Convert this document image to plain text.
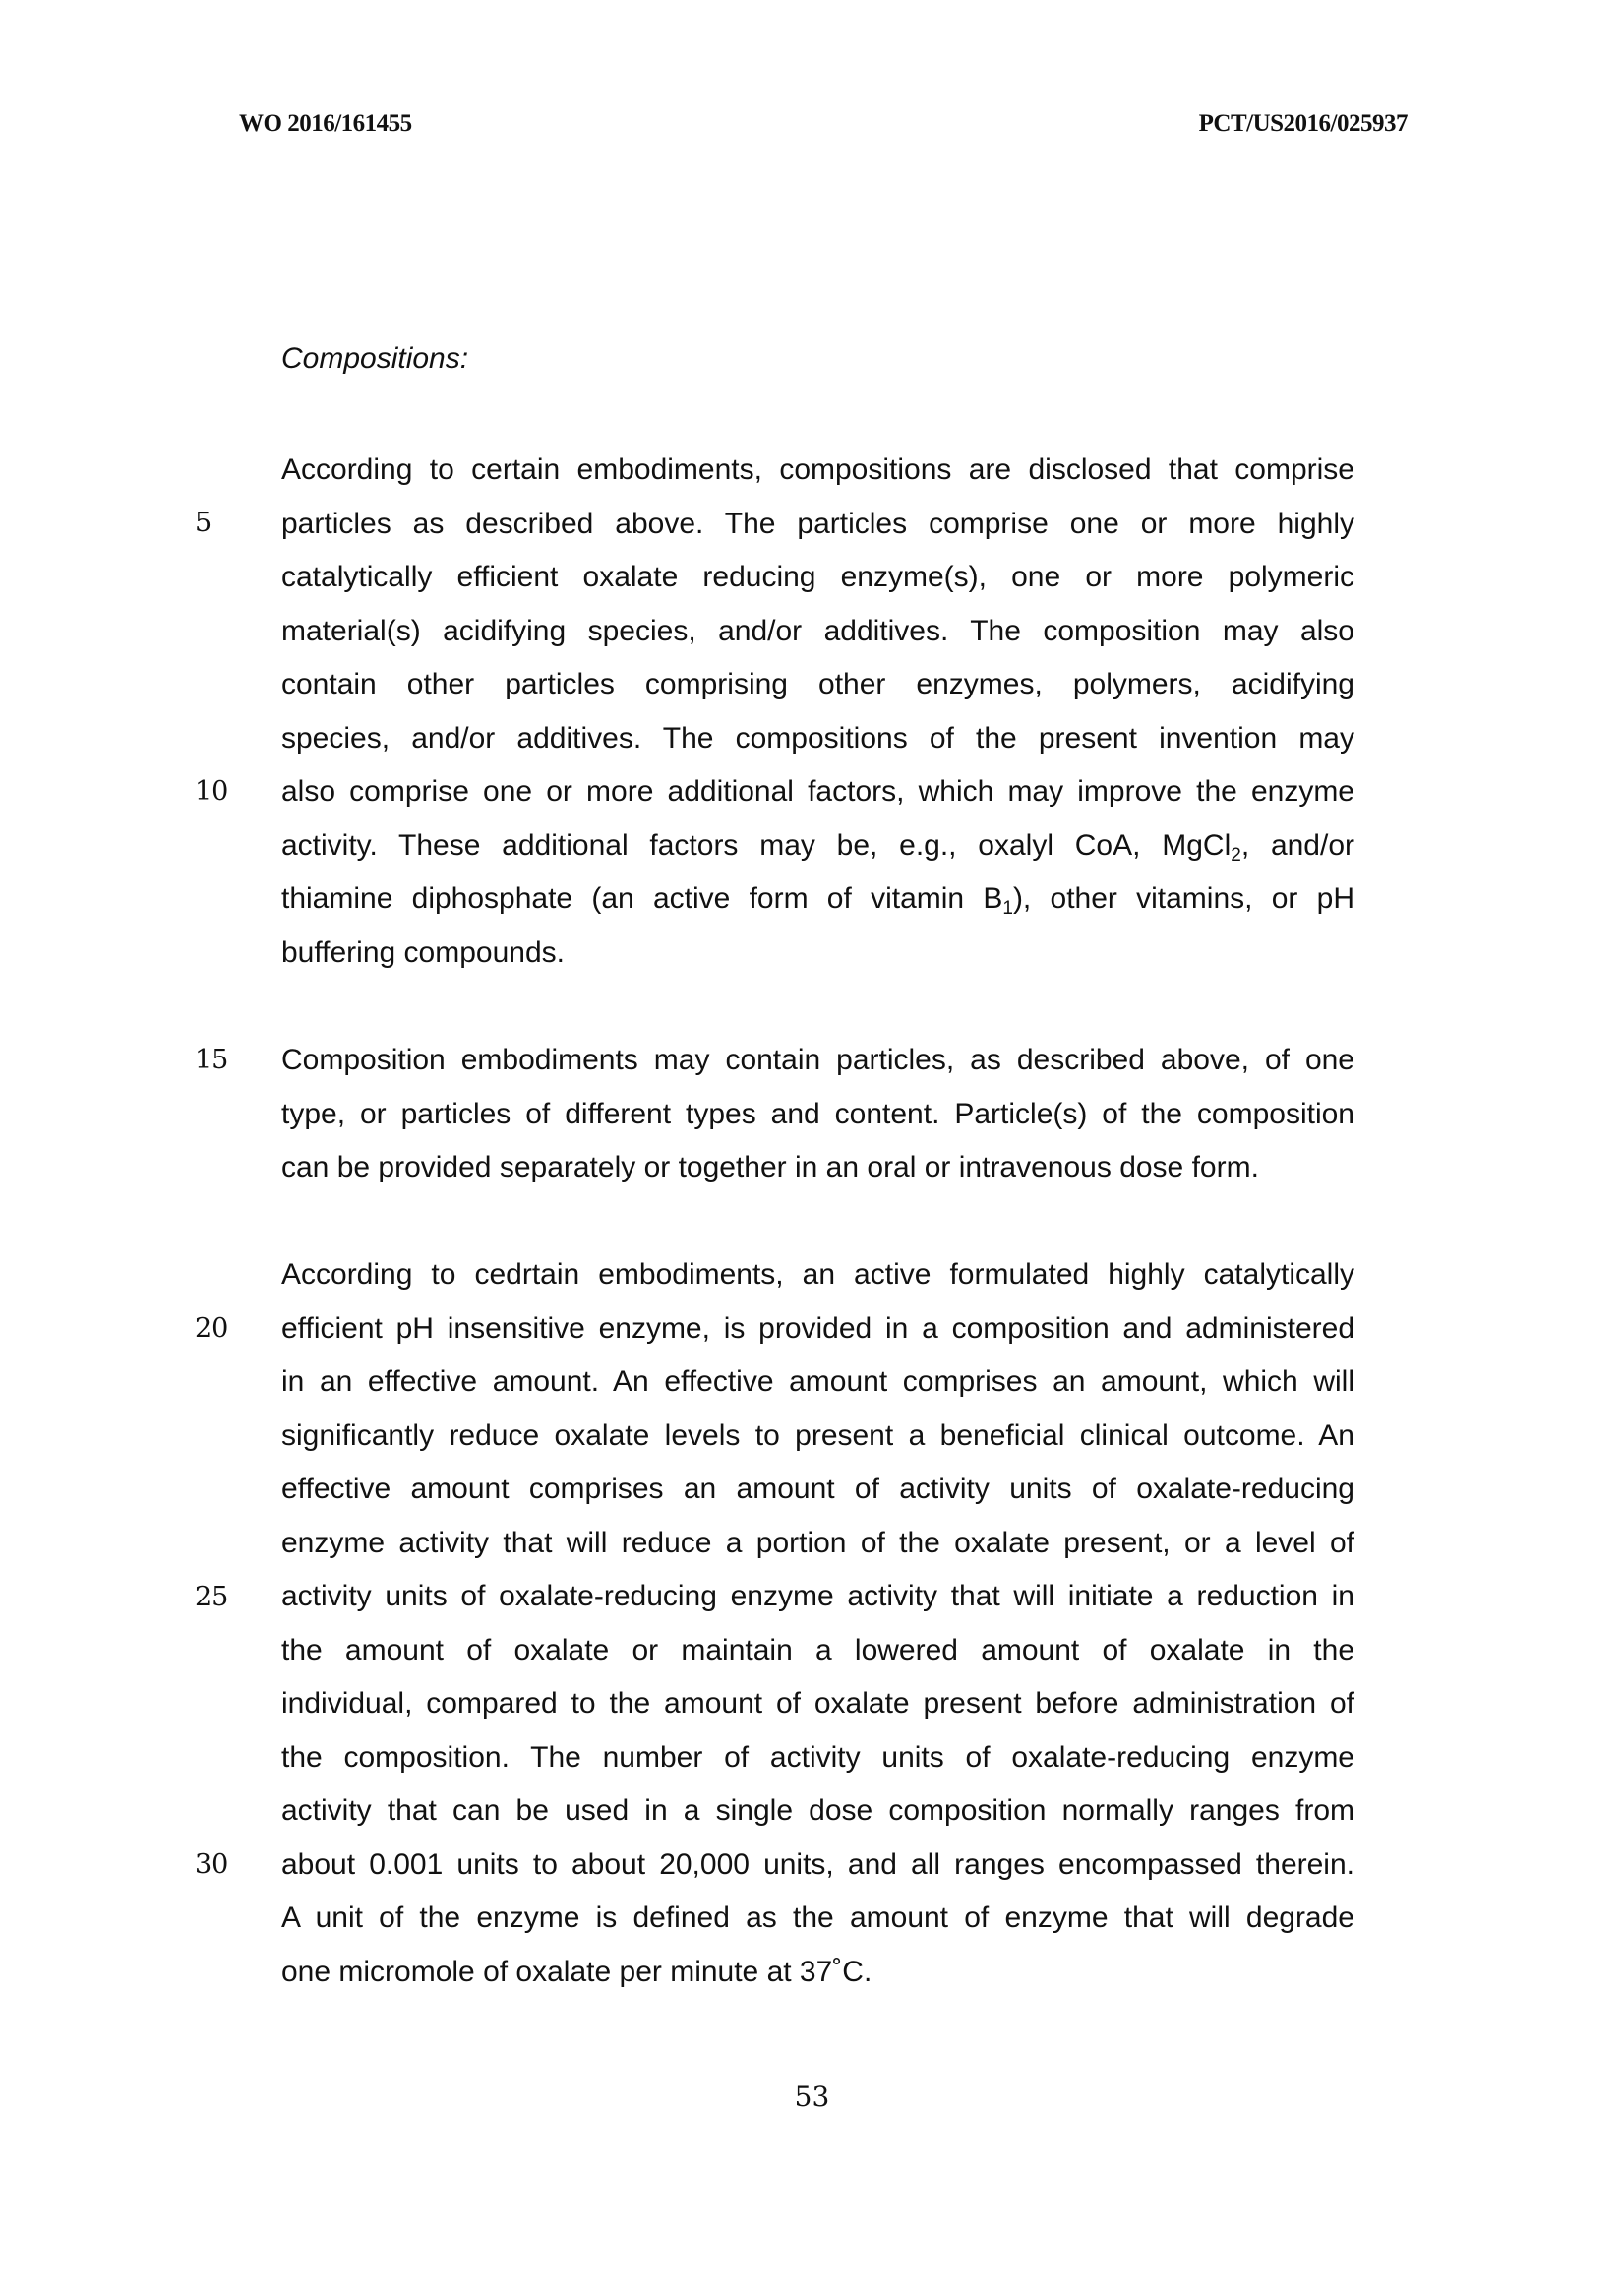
WO 2016/161455	PCT/US2016/025937
Compositions:
According to certain embodiments, compositions are disclosed that comprise
particles as described above. The particles comprise one or more highly
catalytically efficient oxalate reducing enzyme(s), one or more polymeric
material(s) acidifying species, and/or additives. The composition may also
contain other particles comprising other enzymes, polymers, acidifying
species, and/or additives. The compositions of the present invention may
also comprise one or more additional factors, which may improve the enzyme
activity. These additional factors may be, e.g., oxalyl CoA, MgCl$_2$, and/or
thiamine diphosphate (an active form of vitamin $B_1$), other vitamins, or pH
buffering compounds.
Composition embodiments may contain particles, as described above, of one
type, or particles of different types and content. Particle(s) of the composition
can be provided separately or together in an oral or intravenous dose form.
According to cedrtain embodiments, an active formulated highly catalytically
efficient pH insensitive enzyme, is provided in a composition and administered
in an effective amount. An effective amount comprises an amount, which will
significantly reduce oxalate levels to present a beneficial clinical outcome. An
effective amount comprises an amount of activity units of oxalate-reducing
enzyme activity that will reduce a portion of the oxalate present, or a level of
activity units of oxalate-reducing enzyme activity that will initiate a reduction in
the amount of oxalate or maintain a lowered amount of oxalate in the
individual, compared to the amount of oxalate present before administration of
the composition. The number of activity units of oxalate-reducing enzyme
activity that can be used in a single dose composition normally ranges from
about 0.001 units to about 20,000 units, and all ranges encompassed therein.
A unit of the enzyme is defined as the amount of enzyme that will degrade
one micromole of oxalate per minute at 37˚C.
5
10
15
20
25
30
53
